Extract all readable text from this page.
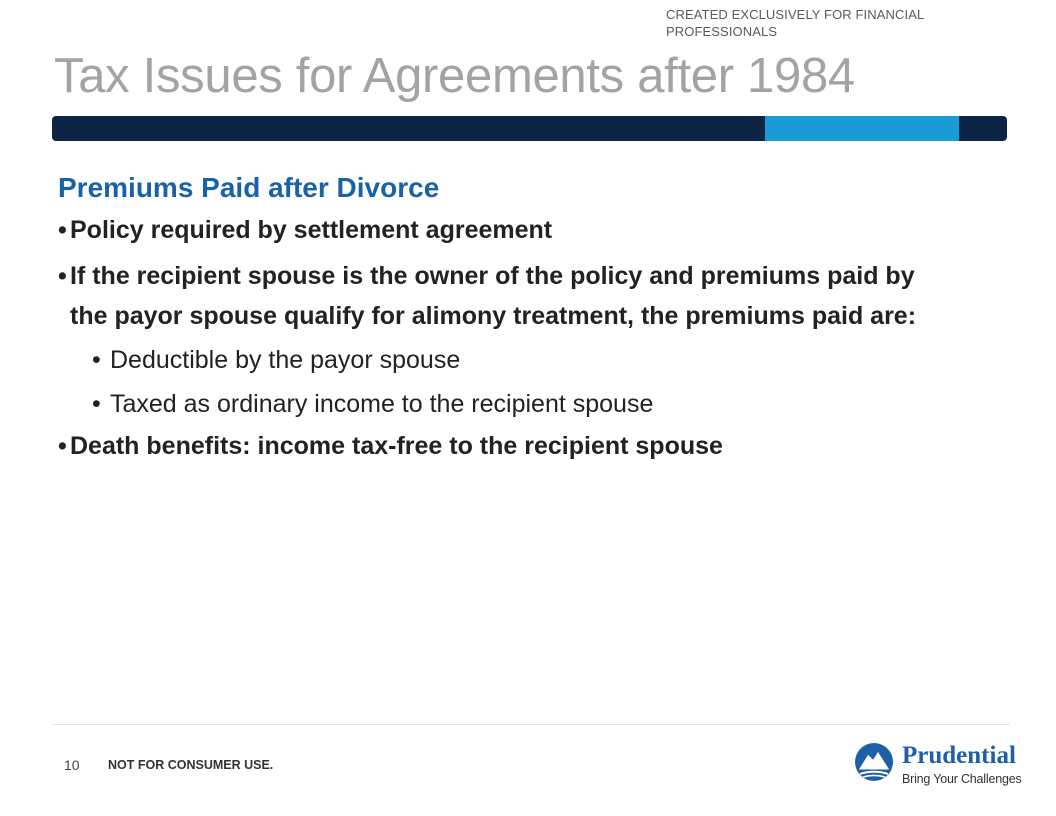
CREATED EXCLUSIVELY FOR FINANCIAL PROFESSIONALS
Tax Issues for Agreements after 1984
Premiums Paid after Divorce
• Policy required by settlement agreement
• If the recipient spouse is the owner of the policy and premiums paid by the payor spouse qualify for alimony treatment, the premiums paid are:
• Deductible by the payor spouse
• Taxed as ordinary income to the recipient spouse
• Death benefits: income tax-free to the recipient spouse
10 NOT FOR CONSUMER USE.	Prudential
Bring Your Challenges
